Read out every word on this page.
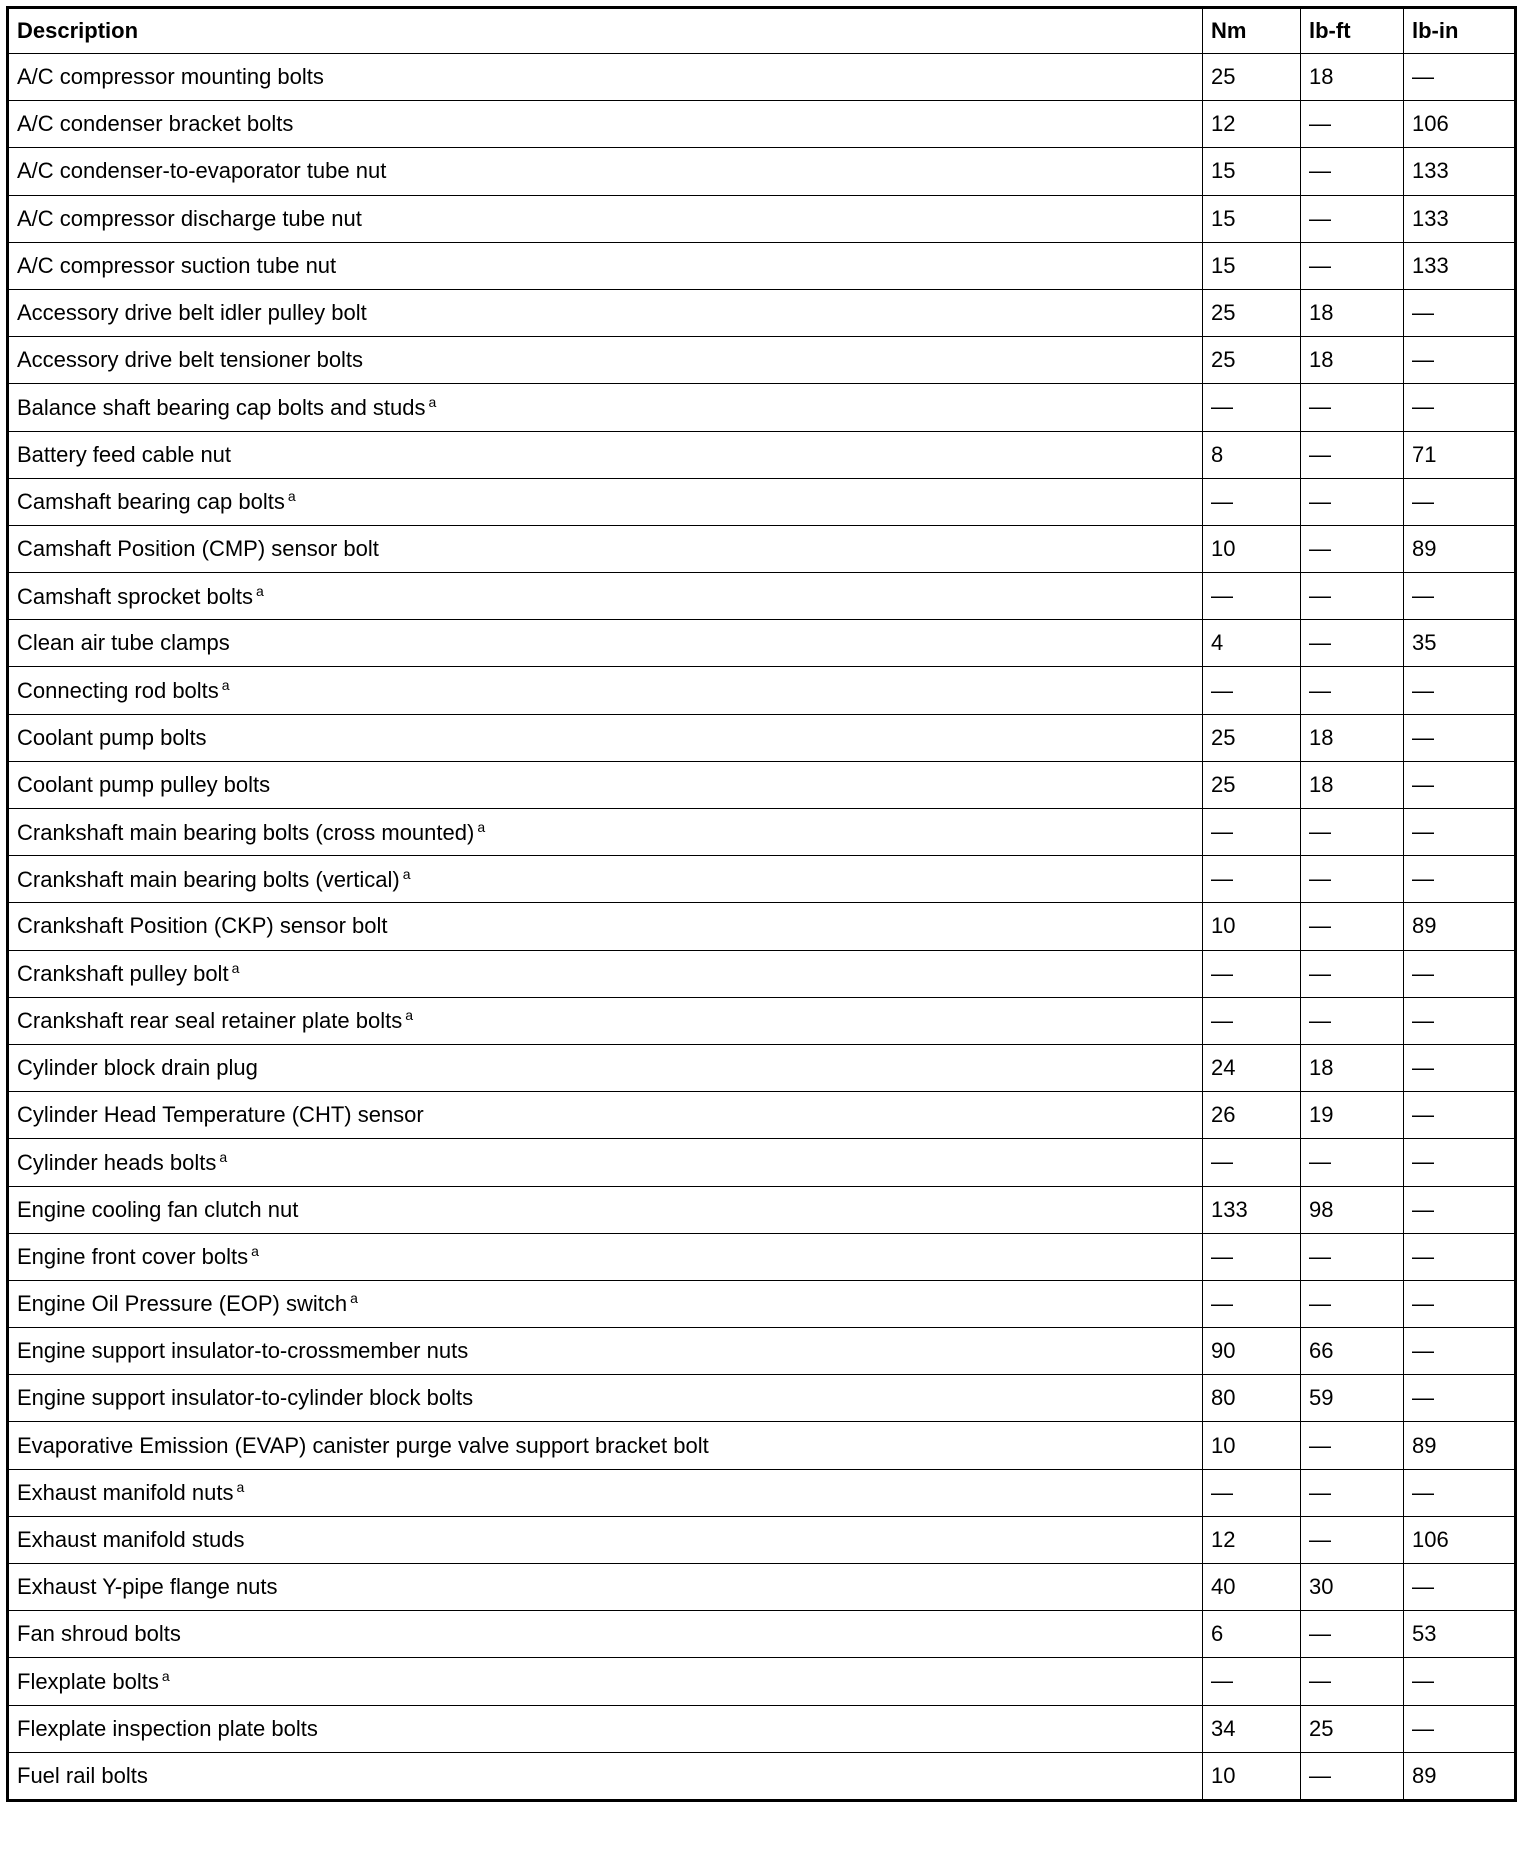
Description	Nm	lb-ft	lb-in
A/C compressor mounting bolts	25	18	—
A/C condenser bracket bolts	12	—	106
A/C condenser-to-evaporator tube nut	15	—	133
A/C compressor discharge tube nut	15	—	133
A/C compressor suction tube nut	15	—	133
Accessory drive belt idler pulley bolt	25	18	—
Accessory drive belt tensioner bolts	25	18	—
Balance shaft bearing cap bolts and studs $^a$	—	—	—
Battery feed cable nut	8	—	71
Camshaft bearing cap bolts $^a$	—	—	—
Camshaft Position (CMP) sensor bolt	10	—	89
Camshaft sprocket bolts $^a$	—	—	—
Clean air tube clamps	4	—	35
Connecting rod bolts $^a$	—	—	—
Coolant pump bolts	25	18	—
Coolant pump pulley bolts	25	18	—
Crankshaft main bearing bolts (cross mounted) $^a$	—	—	—
Crankshaft main bearing bolts (vertical) $^a$	—	—	—
Crankshaft Position (CKP) sensor bolt	10	—	89
Crankshaft pulley bolt $^a$	—	—	—
Crankshaft rear seal retainer plate bolts $^a$	—	—	—
Cylinder block drain plug	24	18	—
Cylinder Head Temperature (CHT) sensor	26	19	—
Cylinder heads bolts $^a$	—	—	—
Engine cooling fan clutch nut	133	98	—
Engine front cover bolts $^a$	—	—	—
Engine Oil Pressure (EOP) switch $^a$	—	—	—
Engine support insulator-to-crossmember nuts	90	66	—
Engine support insulator-to-cylinder block bolts	80	59	—
Evaporative Emission (EVAP) canister purge valve support bracket bolt	10	—	89
Exhaust manifold nuts $^a$	—	—	—
Exhaust manifold studs	12	—	106
Exhaust Y-pipe flange nuts	40	30	—
Fan shroud bolts	6	—	53
Flexplate bolts $^a$	—	—	—
Flexplate inspection plate bolts	34	25	—
Fuel rail bolts	10	—	89
